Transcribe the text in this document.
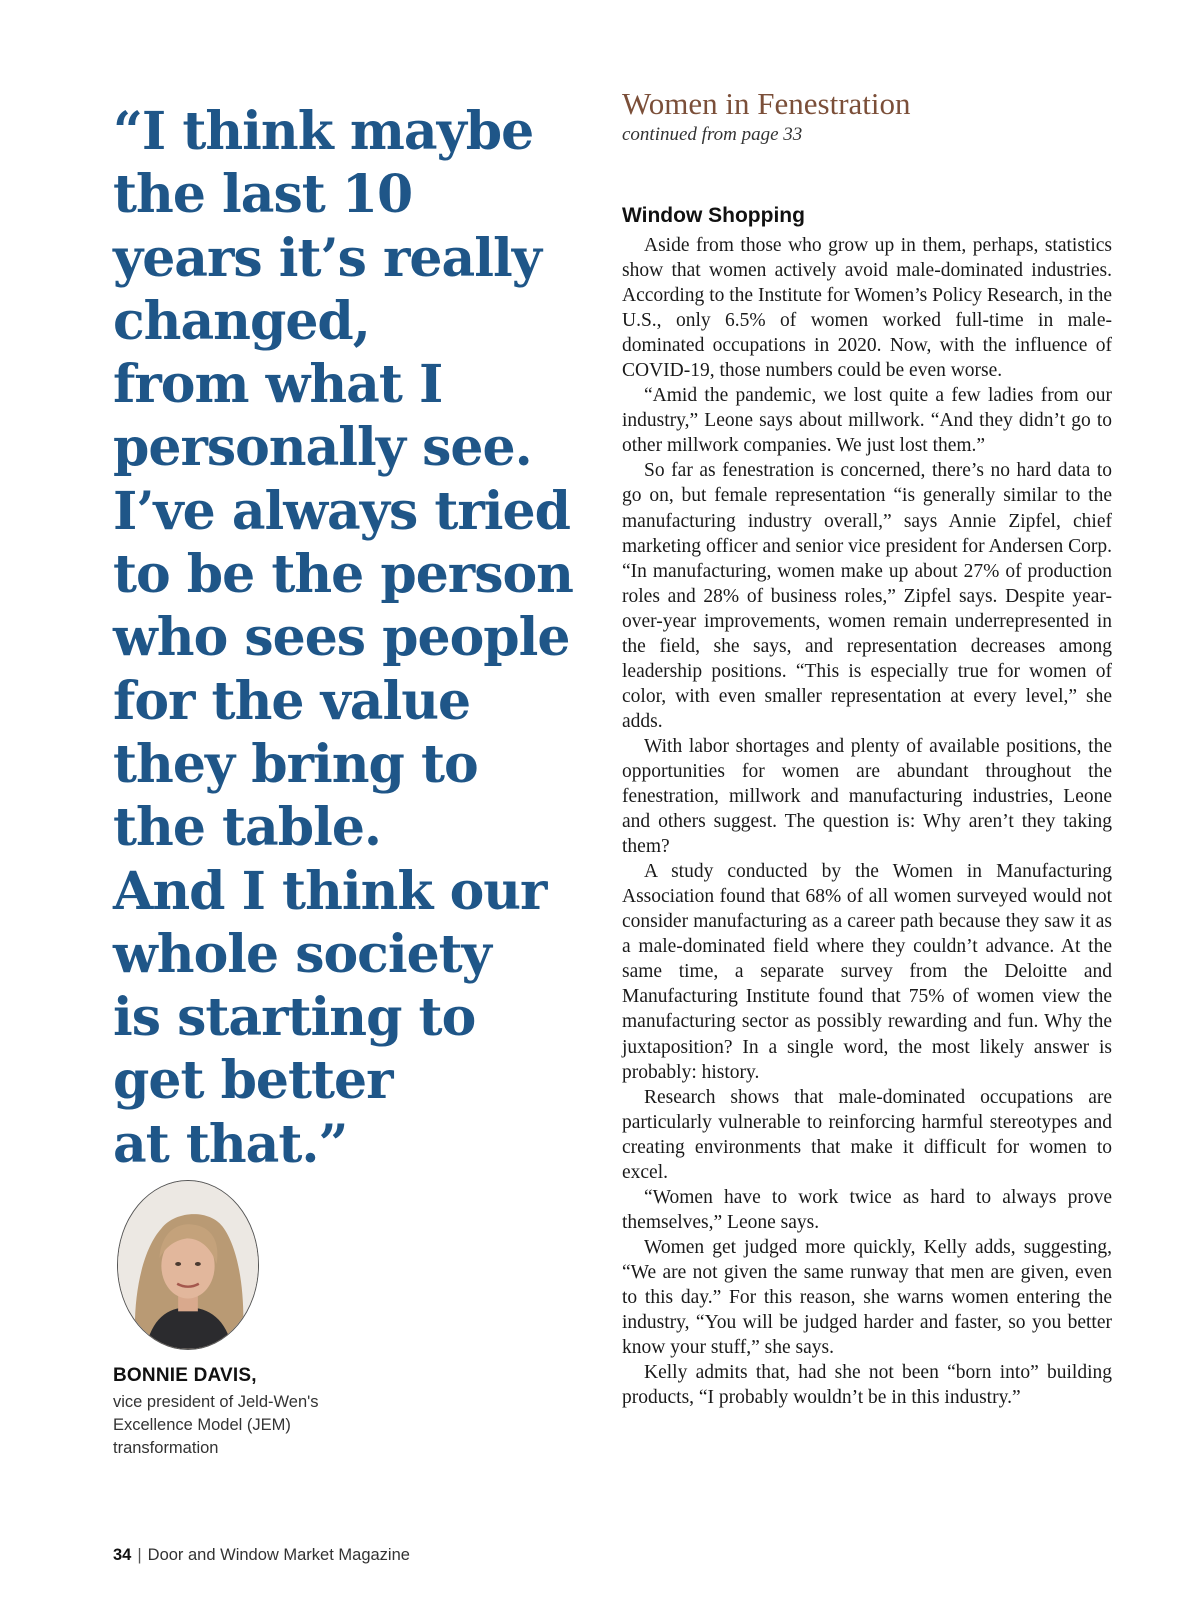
“I think maybe
the last 10
years it’s really
changed,
from what I
personally see.
I’ve always tried
to be the person
who sees people
for the value
they bring to
the table.
And I think our
whole society
is starting to
get better
at that.”
BONNIE DAVIS,
vice president of Jeld-Wen's Excellence Model (JEM) transformation
34 | Door and Window Market Magazine
Women in Fenestration
continued from page 33
Window Shopping

Aside from those who grow up in them, perhaps, statistics show that women actively avoid male-dominated industries. According to the Institute for Women’s Policy Research, in the U.S., only 6.5% of women worked full-time in male-dominated occupations in 2020. Now, with the influence of COVID-19, those numbers could be even worse.

“Amid the pandemic, we lost quite a few ladies from our industry,” Leone says about millwork. “And they didn’t go to other millwork companies. We just lost them.”

So far as fenestration is concerned, there’s no hard data to go on, but female representation “is generally similar to the manufacturing industry overall,” says Annie Zipfel, chief marketing officer and senior vice president for Andersen Corp. “In manufacturing, women make up about 27% of production roles and 28% of business roles,” Zipfel says. Despite year-over-year improvements, women remain underrepresented in the field, she says, and representation decreases among leadership positions. “This is especially true for women of color, with even smaller representation at every level,” she adds.

With labor shortages and plenty of available positions, the opportunities for women are abundant throughout the fenestration, millwork and manufacturing industries, Leone and others suggest. The question is: Why aren’t they taking them?

A study conducted by the Women in Manufacturing Association found that 68% of all women surveyed would not consider manufacturing as a career path because they saw it as a male-dominated field where they couldn’t advance. At the same time, a separate survey from the Deloitte and Manufacturing Institute found that 75% of women view the manufacturing sector as possibly rewarding and fun. Why the juxtaposition? In a single word, the most likely answer is probably: history.

Research shows that male-dominated occupations are particularly vulnerable to reinforcing harmful stereotypes and creating environments that make it difficult for women to excel.

“Women have to work twice as hard to always prove themselves,” Leone says.

Women get judged more quickly, Kelly adds, suggesting, “We are not given the same runway that men are given, even to this day.” For this reason, she warns women entering the industry, “You will be judged harder and faster, so you better know your stuff,” she says.

Kelly admits that, had she not been “born into” building products, “I probably wouldn’t be in this industry.”
